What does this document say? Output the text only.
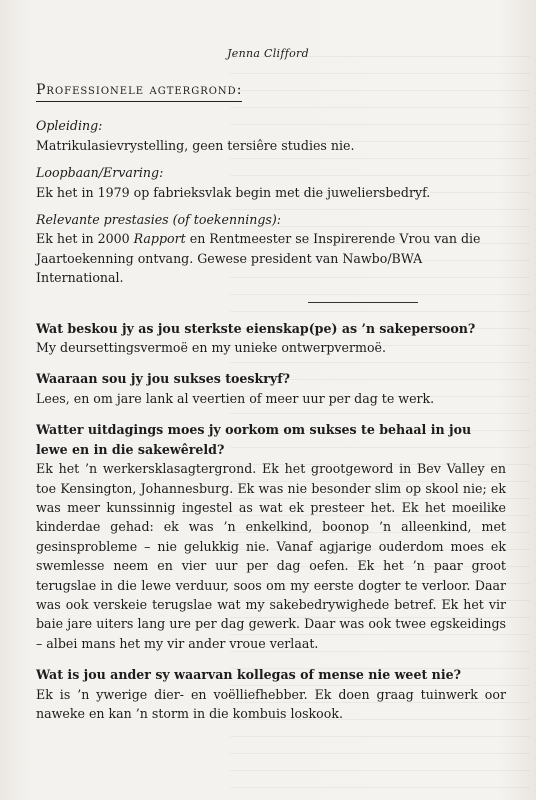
Jenna Clifford
Professionele agtergrond:
Opleiding:
Matrikulasievrystelling, geen tersiêre studies nie.
Loopbaan/Ervaring:
Ek het in 1979 op fabrieksvlak begin met die juweliersbedryf.
Relevante prestasies (of toekennings):
Ek het in 2000 Rapport en Rentmeester se Inspirerende Vrou van die Jaartoekenning ontvang. Gewese president van Nawbo/BWA International.
Wat beskou jy as jou sterkste eienskap(pe) as ’n sakepersoon?
My deursettingsvermoë en my unieke ontwerpvermoë.
Waaraan sou jy jou sukses toeskryf?
Lees, en om jare lank al veertien of meer uur per dag te werk.
Watter uitdagings moes jy oorkom om sukses te behaal in jou lewe en in die sakewêreld?
Ek het ’n werkersklasagtergrond. Ek het grootgeword in Bev Valley en toe Kensington, Johannesburg. Ek was nie besonder slim op skool nie; ek was meer kunssinnig ingestel as wat ek presteer het. Ek het moeilike kinderdae gehad: ek was ’n enkelkind, boonop ’n alleenkind, met gesinsprobleme – nie gelukkig nie. Vanaf agjarige ouderdom moes ek swemlesse neem en vier uur per dag oefen. Ek het ’n paar groot terugslae in die lewe verduur, soos om my eerste dogter te verloor. Daar was ook verskeie terugslae wat my sakebedrywighede betref. Ek het vir baie jare uiters lang ure per dag gewerk. Daar was ook twee egskeidings – albei mans het my vir ander vroue verlaat.
Wat is jou ander sy waarvan kollegas of mense nie weet nie?
Ek is ’n ywerige dier- en voëlliefhebber. Ek doen graag tuinwerk oor naweke en kan ’n storm in die kombuis loskook.
